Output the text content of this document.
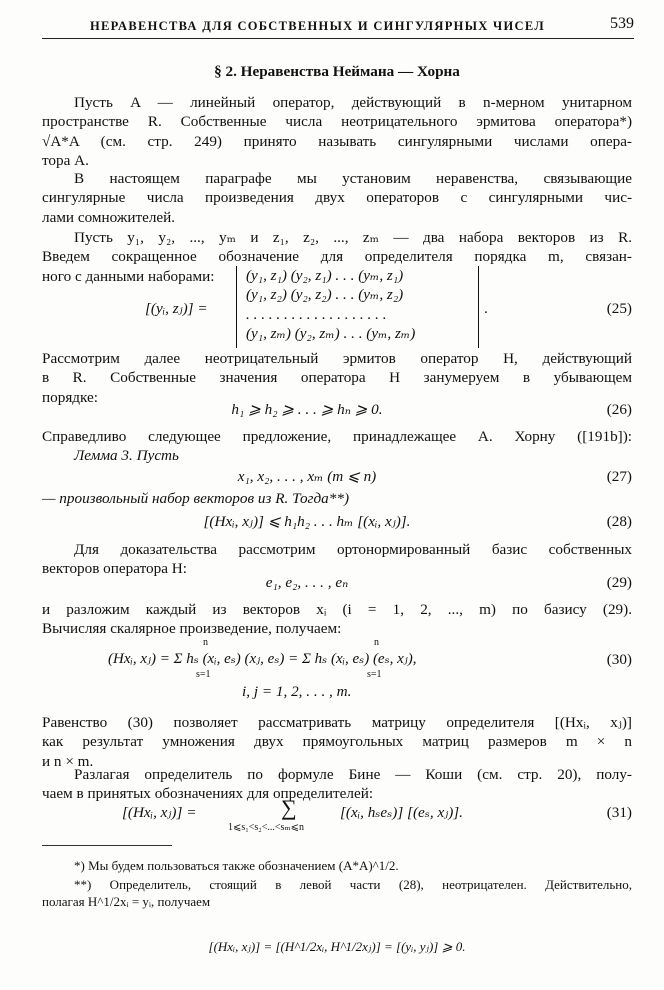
НЕРАВЕНСТВА ДЛЯ СОБСТВЕННЫХ И СИНГУЛЯРНЫХ ЧИСЕЛ	539
§ 2. Неравенства Неймана — Хорна
Пусть A — линейный оператор, действующий в n-мерном унитарном
пространстве R. Собственные числа неотрицательного эрмитова оператора*)
√A*A (см. стр. 249) принято называть сингулярными числами опера-
тора A.
В настоящем параграфе мы установим неравенства, связывающие
сингулярные числа произведения двух операторов с сингулярными чис-
лами сомножителей.
Пусть y₁, y₂, ..., yₘ и z₁, z₂, ..., zₘ — два набора векторов из R.
Введем сокращенное обозначение для определителя порядка m, связан-
ного с данными наборами:
[(yᵢ, zⱼ)] =
(y₁, z₁) (y₂, z₁) . . . (yₘ, z₁)
(y₁, z₂) (y₂, z₂) . . . (yₘ, z₂)
. . . . . . . . . . . . . . . . . . .
(y₁, zₘ) (y₂, zₘ) . . . (yₘ, zₘ)
.	(25)
Рассмотрим далее неотрицательный эрмитов оператор H, действующий
в R. Собственные значения оператора H занумеруем в убывающем
порядке:
h₁ ⩾ h₂ ⩾ . . . ⩾ hₙ ⩾ 0.	(26)
Справедливо следующее предложение, принадлежащее А. Хорну ([191b]):
Лемма 3. Пусть
x₁, x₂, . . . , xₘ (m ⩽ n)	(27)
— произвольный набор векторов из R. Тогда**)
[(Hxᵢ, xⱼ)] ⩽ h₁h₂ . . . hₘ [(xᵢ, xⱼ)].	(28)
Для доказательства рассмотрим ортонормированный базис собственных
векторов оператора H:
e₁, e₂, . . . , eₙ	(29)
и разложим каждый из векторов xᵢ (i = 1, 2, ..., m) по базису (29).
Вычисляя скалярное произведение, получаем:
n	n
(Hxᵢ, xⱼ) = Σ hₛ (xᵢ, eₛ) (xⱼ, eₛ) = Σ hₛ (xᵢ, eₛ) (eₛ, xⱼ),
s=1	s=1
i, j = 1, 2, . . . , m.
(30)
Равенство (30) позволяет рассматривать матрицу определителя [(Hxᵢ, xⱼ)]
как результат умножения двух прямоугольных матриц размеров m × n
и n × m.
Разлагая определитель по формуле Бине — Коши (см. стр. 20), полу-
чаем в принятых обозначениях для определителей:
[(Hxᵢ, xⱼ)] =	∑	[(xᵢ, hₛeₛ)] [(eₛ, xⱼ)].
1⩽s₁<s₂<...<sₘ⩽n
(31)
*) Мы будем пользоваться также обозначением (A*A)^1/2.
**) Определитель, стоящий в левой части (28), неотрицателен. Действительно,
полагая H^1/2xᵢ = yᵢ, получаем
[(Hxᵢ, xⱼ)] = [(H^1/2xᵢ, H^1/2xⱼ)] = [(yᵢ, yⱼ)] ⩾ 0.
